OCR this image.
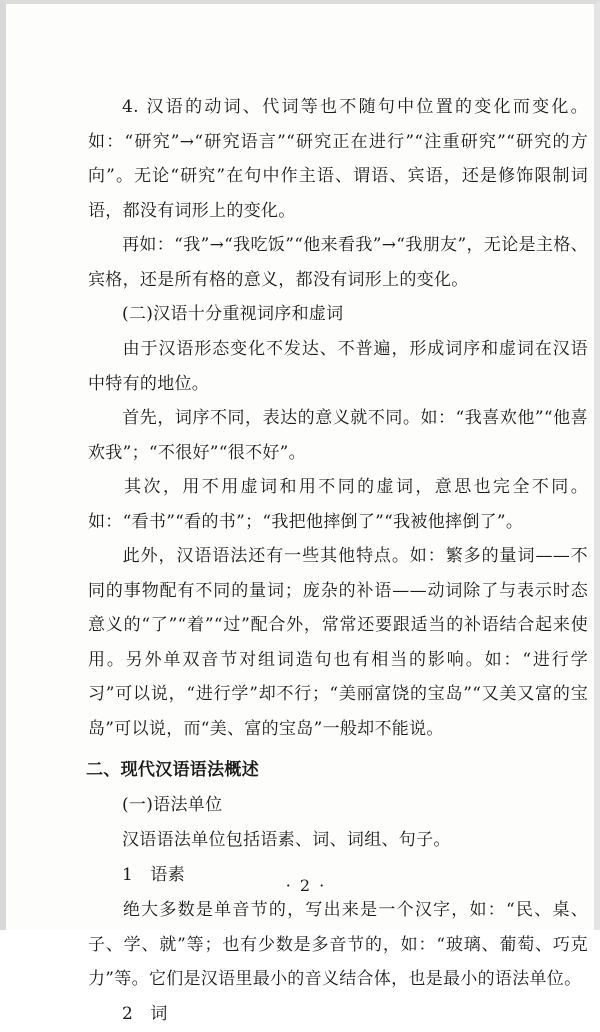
4. 汉语的动词、代词等也不随句中位置的变化而变化。如：“研究”→“研究语言”“研究正在进行”“注重研究”“研究的方向”。无论“研究”在句中作主语、谓语、宾语，还是修饰限制词语，都没有词形上的变化。

再如：“我”→“我吃饭”“他来看我”→“我朋友”，无论是主格、宾格，还是所有格的意义，都没有词形上的变化。

(二)汉语十分重视词序和虚词

由于汉语形态变化不发达、不普遍，形成词序和虚词在汉语中特有的地位。

首先，词序不同，表达的意义就不同。如：“我喜欢他”“他喜欢我”；“不很好”“很不好”。

其次，用不用虚词和用不同的虚词，意思也完全不同。如：“看书”“看的书”；“我把他摔倒了”“我被他摔倒了”。

此外，汉语语法还有一些其他特点。如：繁多的量词——不同的事物配有不同的量词；庞杂的补语——动词除了与表示时态意义的“了”“着”“过”配合外，常常还要跟适当的补语结合起来使用。另外单双音节对组词造句也有相当的影响。如：“进行学习”可以说，“进行学”却不行；“美丽富饶的宝岛”“又美又富的宝岛”可以说，而“美、富的宝岛”一般却不能说。

二、现代汉语语法概述

(一)语法单位

汉语语法单位包括语素、词、词组、句子。

1　语素

绝大多数是单音节的，写出来是一个汉字，如：“民、桌、子、学、就”等；也有少数是多音节的，如：“玻璃、葡萄、巧克力”等。它们是汉语里最小的音义结合体，也是最小的语法单位。

· 2 ·

2　词
